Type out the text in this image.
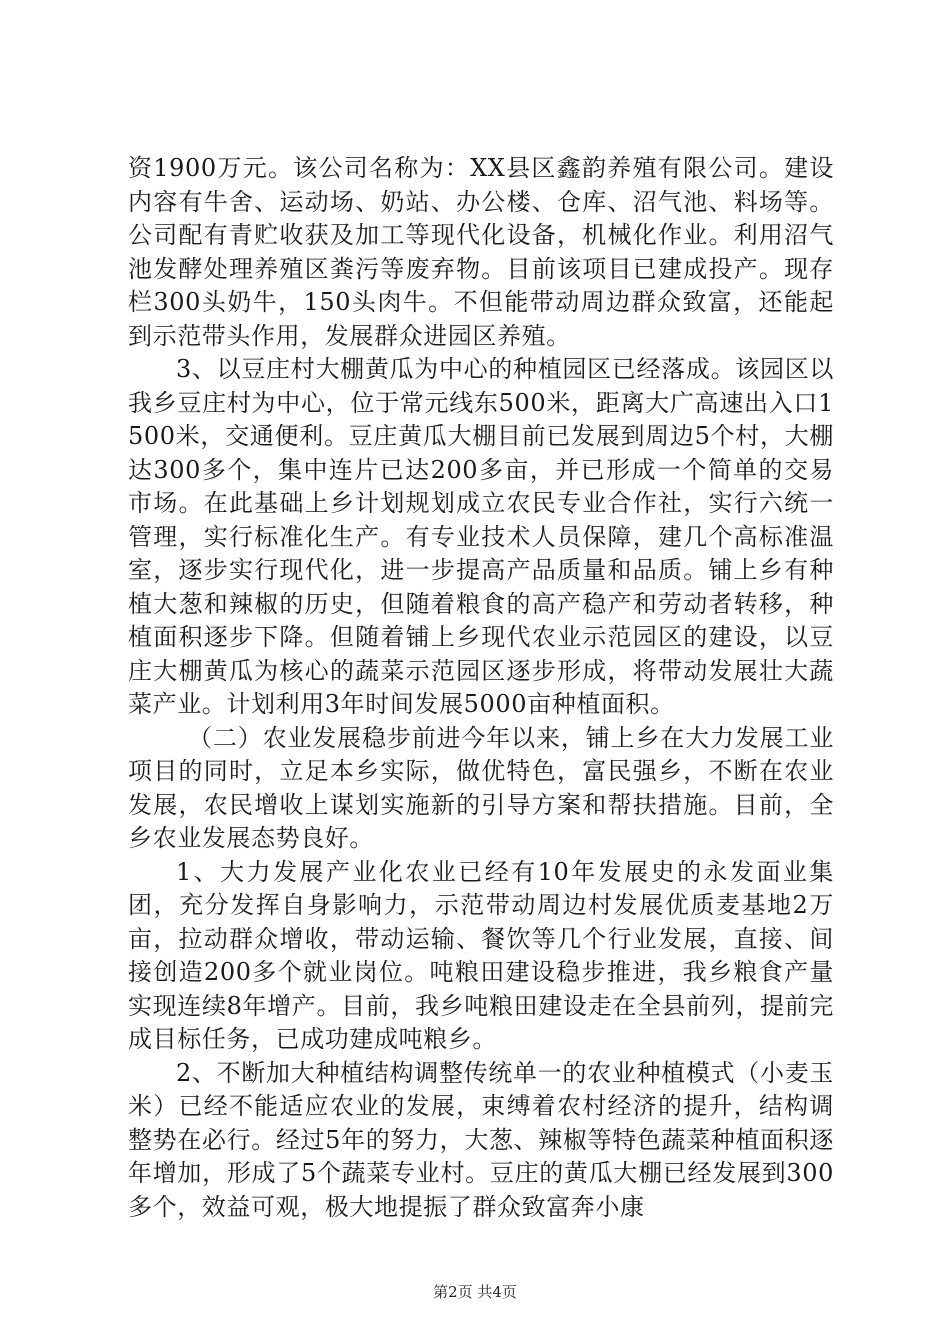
资1900万元。该公司名称为：XX县区鑫韵养殖有限公司。建设内容有牛舍、运动场、奶站、办公楼、仓库、沼气池、料场等。公司配有青贮收获及加工等现代化设备，机械化作业。利用沼气池发酵处理养殖区粪污等废弃物。目前该项目已建成投产。现存栏300头奶牛，150头肉牛。不但能带动周边群众致富，还能起到示范带头作用，发展群众进园区养殖。

3、以豆庄村大棚黄瓜为中心的种植园区已经落成。该园区以我乡豆庄村为中心，位于常元线东500米，距离大广高速出入口1500米，交通便利。豆庄黄瓜大棚目前已发展到周边5个村，大棚达300多个，集中连片已达200多亩，并已形成一个简单的交易市场。在此基础上乡计划规划成立农民专业合作社，实行六统一管理，实行标准化生产。有专业技术人员保障，建几个高标准温室，逐步实行现代化，进一步提高产品质量和品质。铺上乡有种植大葱和辣椒的历史，但随着粮食的高产稳产和劳动者转移，种植面积逐步下降。但随着铺上乡现代农业示范园区的建设，以豆庄大棚黄瓜为核心的蔬菜示范园区逐步形成，将带动发展壮大蔬菜产业。计划利用3年时间发展5000亩种植面积。

（二）农业发展稳步前进今年以来，铺上乡在大力发展工业项目的同时，立足本乡实际，做优特色，富民强乡，不断在农业发展，农民增收上谋划实施新的引导方案和帮扶措施。目前，全乡农业发展态势良好。

1、大力发展产业化农业已经有10年发展史的永发面业集团，充分发挥自身影响力，示范带动周边村发展优质麦基地2万亩，拉动群众增收，带动运输、餐饮等几个行业发展，直接、间接创造200多个就业岗位。吨粮田建设稳步推进，我乡粮食产量实现连续8年增产。目前，我乡吨粮田建设走在全县前列，提前完成目标任务，已成功建成吨粮乡。

2、不断加大种植结构调整传统单一的农业种植模式（小麦玉米）已经不能适应农业的发展，束缚着农村经济的提升，结构调整势在必行。经过5年的努力，大葱、辣椒等特色蔬菜种植面积逐年增加，形成了5个蔬菜专业村。豆庄的黄瓜大棚已经发展到300多个，效益可观，极大地提振了群众致富奔小康

第2页 共4页
